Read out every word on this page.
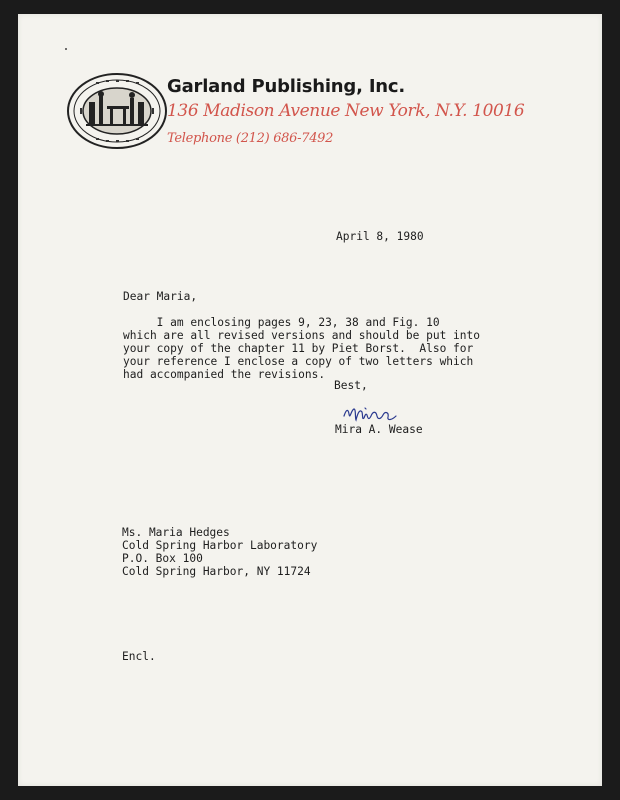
Garland Publishing, Inc.
136 Madison Avenue New York, N.Y. 10016
Telephone (212) 686-7492
April 8, 1980
Dear Maria,
I am enclosing pages 9, 23, 38 and Fig. 10
which are all revised versions and should be put into
your copy of the chapter 11 by Piet Borst.  Also for
your reference I enclose a copy of two letters which
had accompanied the revisions.
Best,
Mira A. Wease
Ms. Maria Hedges
Cold Spring Harbor Laboratory
P.O. Box 100
Cold Spring Harbor, NY 11724
Encl.
